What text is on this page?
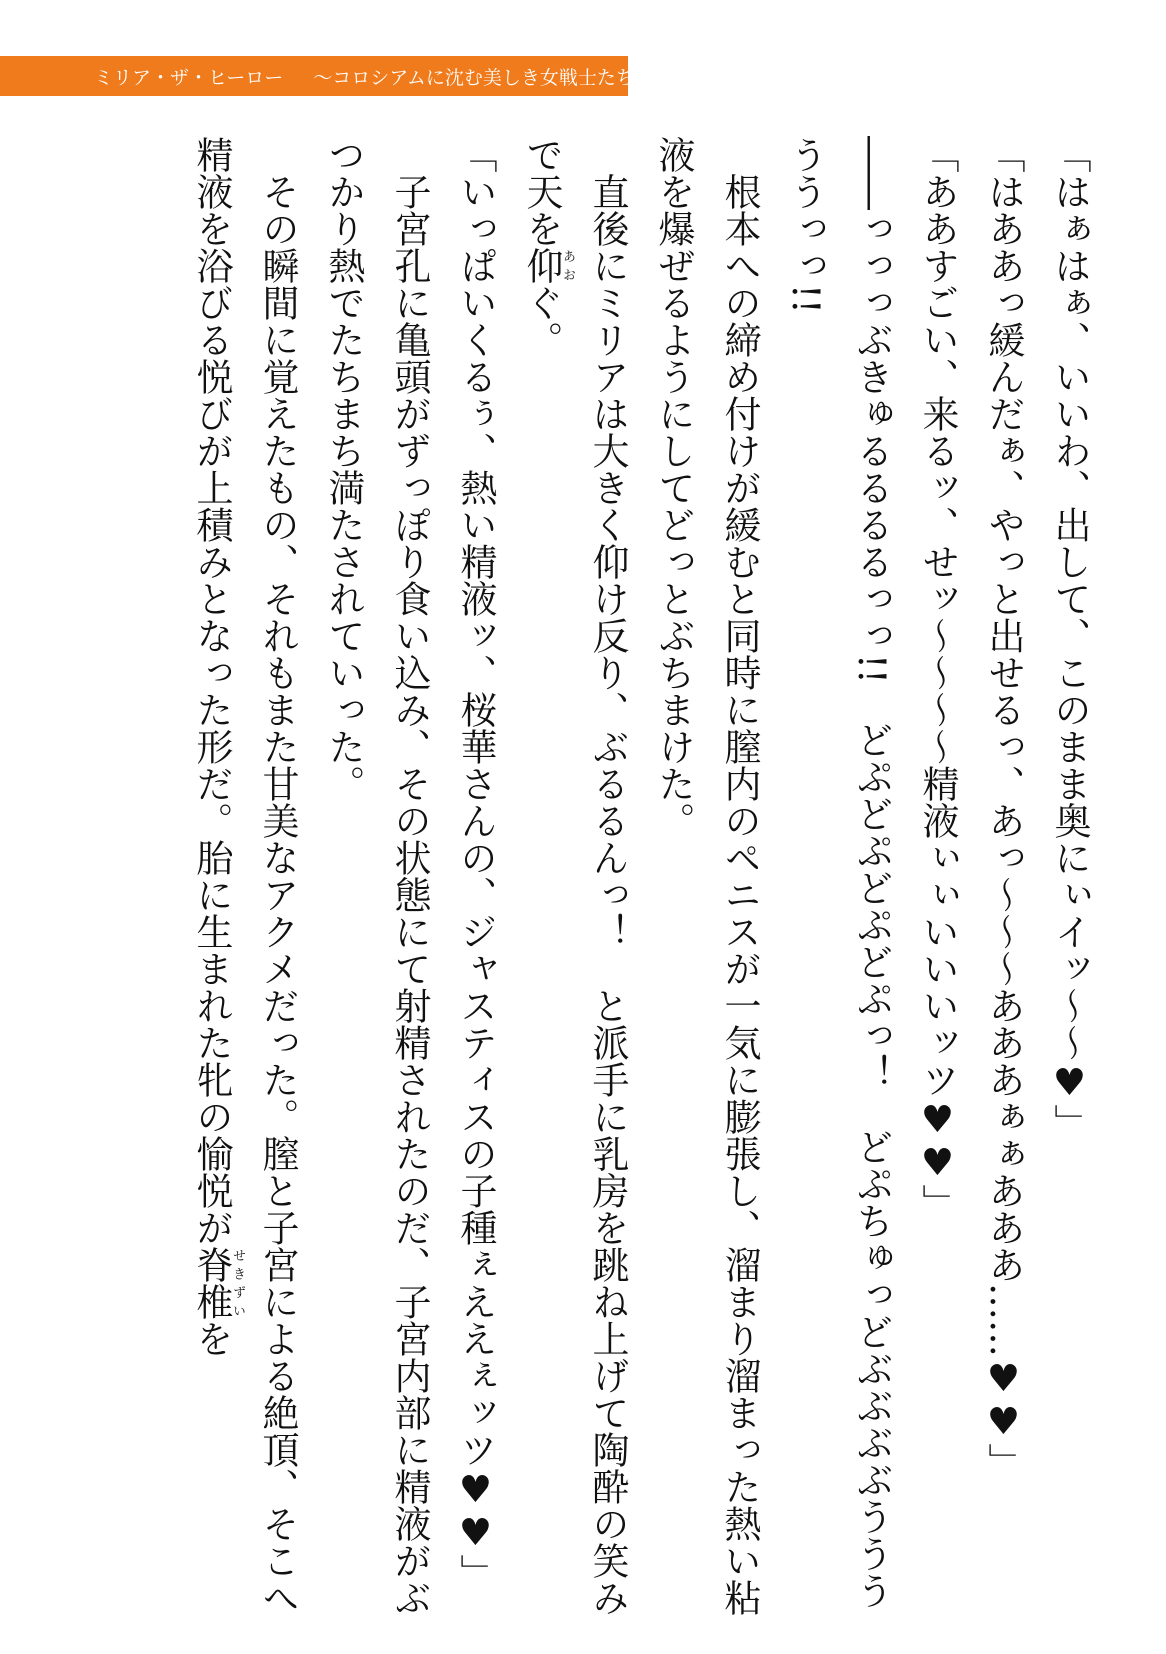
ミリア・ザ・ヒーロー 〜コロシアムに沈む美しき女戦士たち〜

「はぁはぁ、いいわ、出して、このまま奥にぃイッ〜〜♥」

「はああっ緩んだぁ、やっと出せるっ、あっ〜〜〜あああぁぁあああ……♥♥」

「ああすごい、来るッ、せッ〜〜〜〜精液ぃぃいいいッツ♥♥」

――っっっぶきゅるるるるっっ!!　どぷどぷどぷどぷっ！　どぷちゅっどぶぶぶぶうううううっっ!!

　根本への締め付けが緩むと同時に膣内のペニスが一気に膨張し、溜まり溜まった熱い粘液を爆ぜるようにしてどっとぶちまけた。

　直後にミリアは大きく仰け反り、ぶるるんっ！　と派手に乳房を跳ね上げて陶酔の笑みで天を仰あおぐ。

「いっぱいくるぅ、熱い精液ッ、桜華さんの、ジャスティスの子種ぇええぇッツ♥♥」

　子宮孔に亀頭がずっぽり食い込み、その状態にて射精されたのだ、子宮内部に精液がぶつかり熱でたちまち満たされていった。

　その瞬間に覚えたもの、それもまた甘美なアクメだった。膣と子宮による絶頂、そこへ精液を浴びる悦びが上積みとなった形だ。胎に生まれた牝の愉悦が脊椎せきずいを
